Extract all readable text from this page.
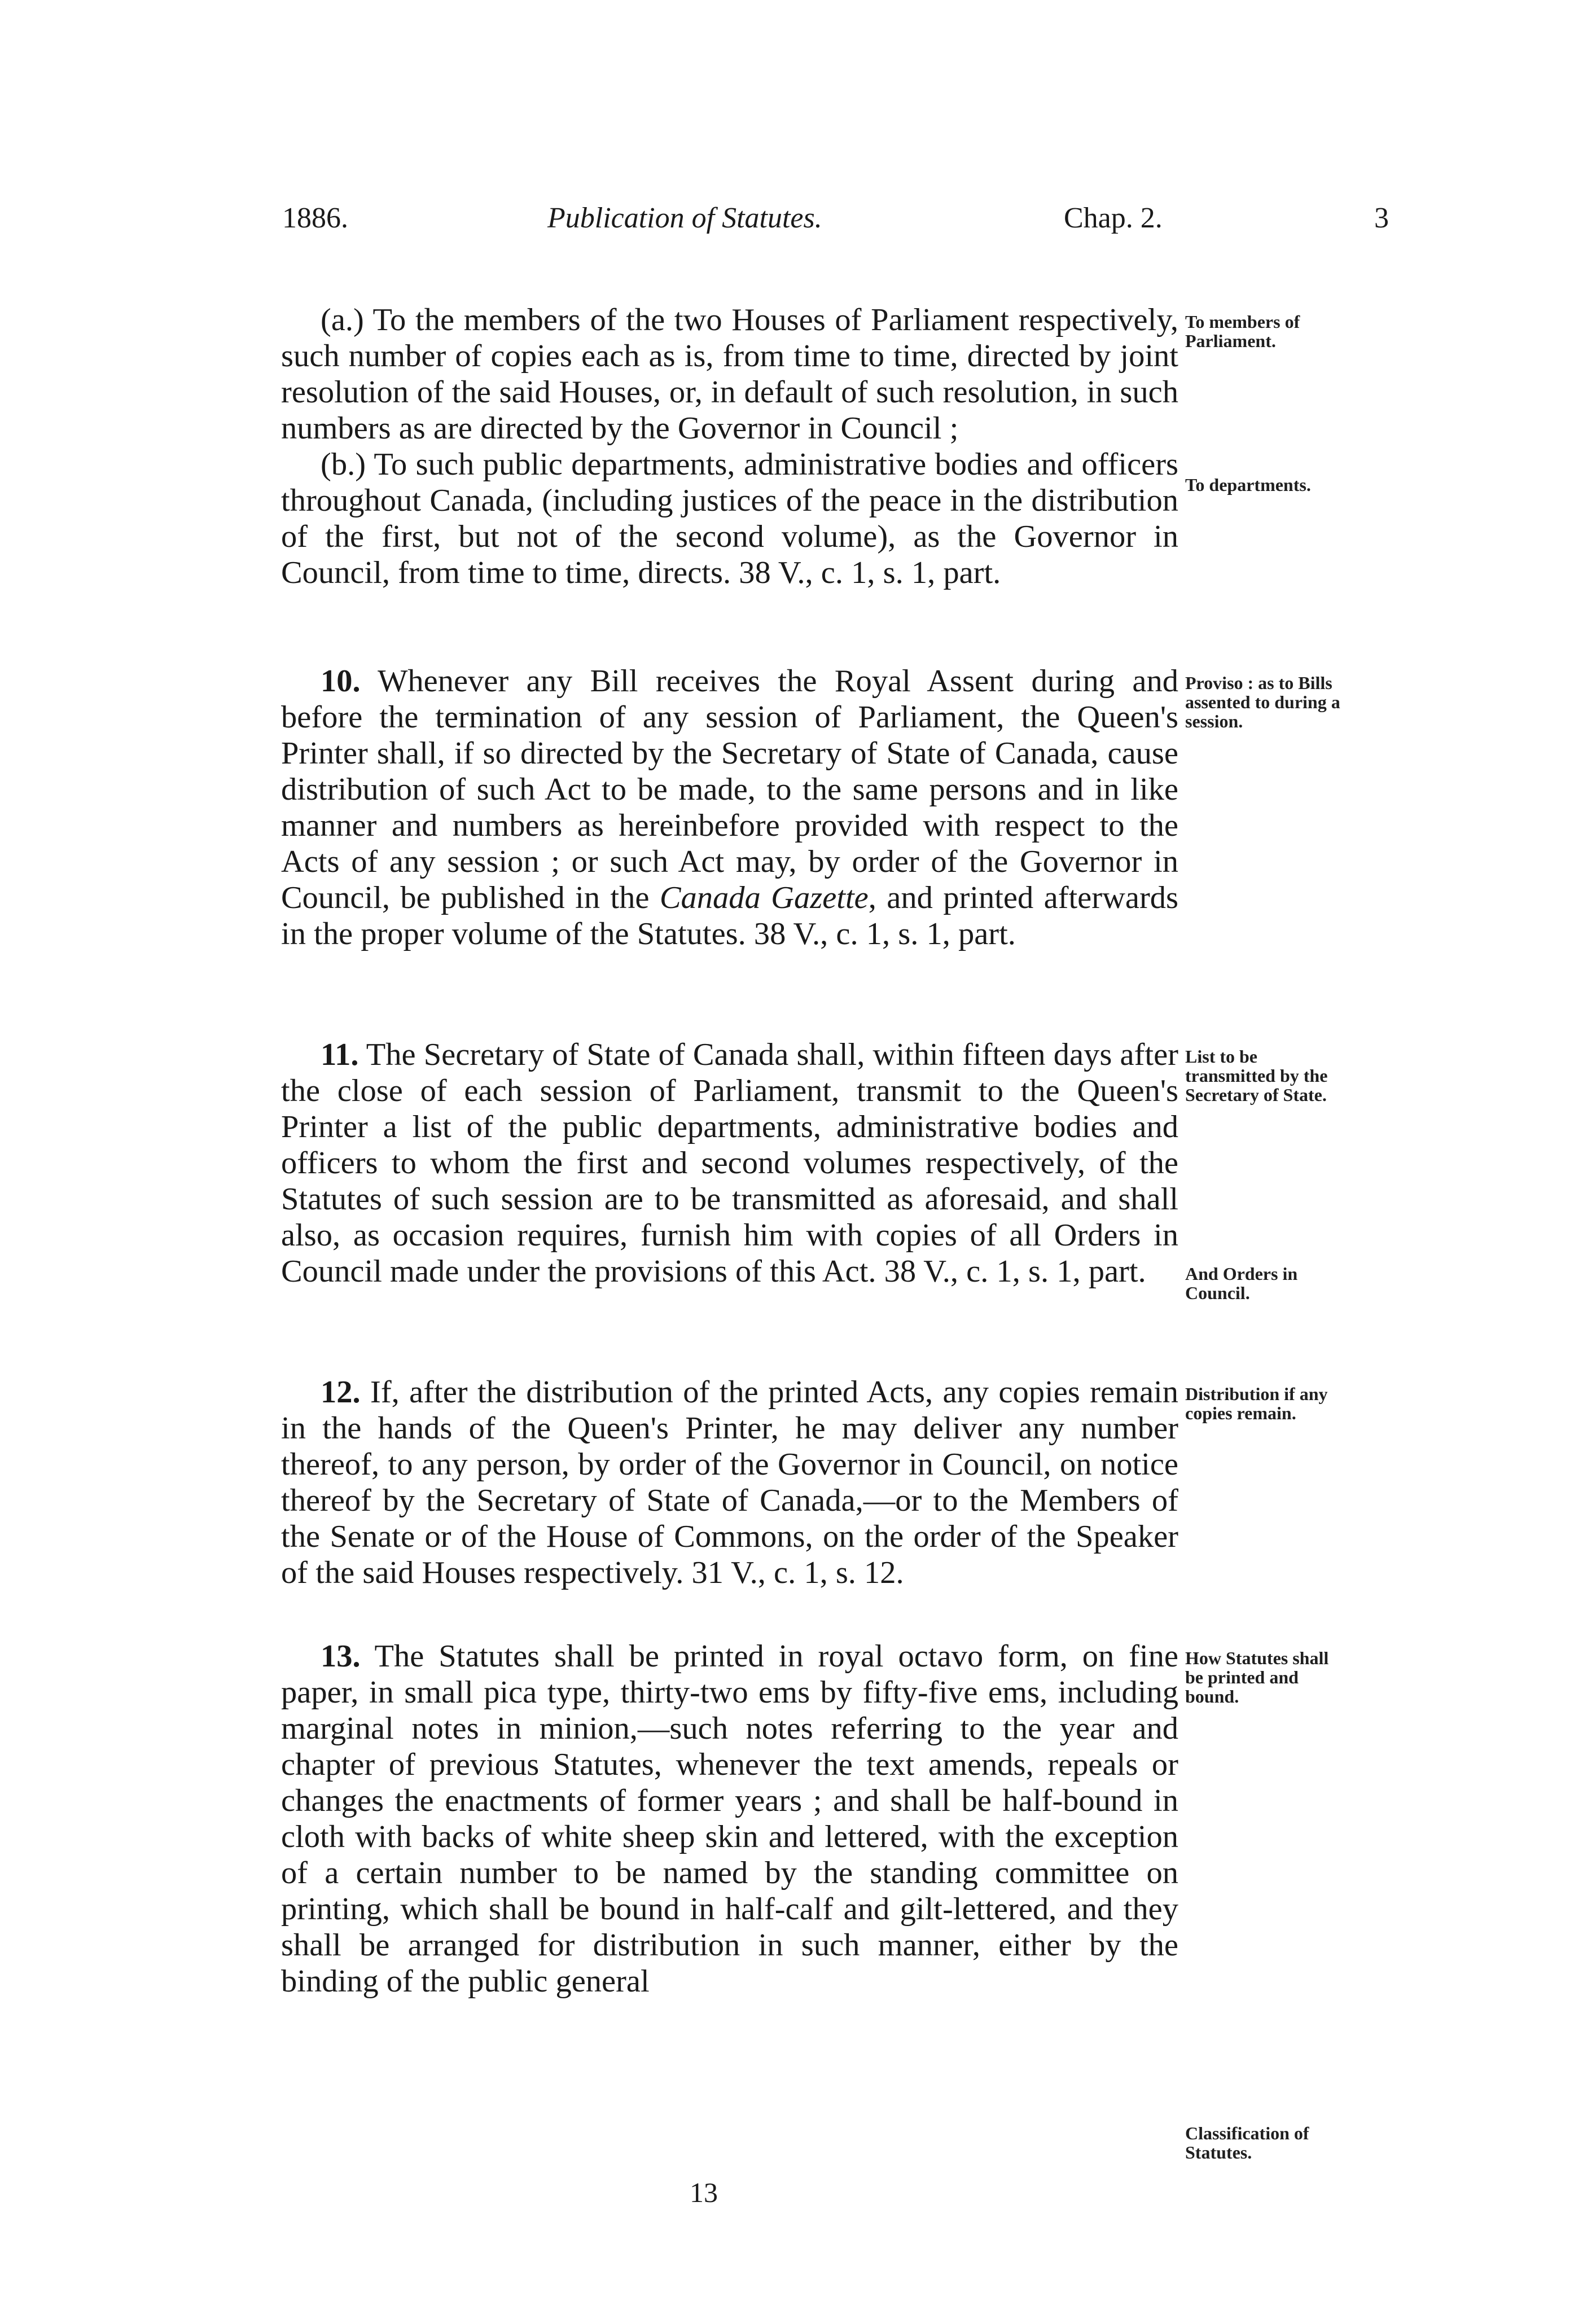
1886.	Publication of Statutes.	Chap. 2.	3

(a.) To the members of the two Houses of Parliament respectively, such number of copies each as is, from time to time, directed by joint resolution of the said Houses, or, in default of such resolution, in such numbers as are directed by the Governor in Council ;

(b.) To such public departments, administrative bodies and officers throughout Canada, (including justices of the peace in the distribution of the first, but not of the second volume), as the Governor in Council, from time to time, directs. 38 V., c. 1, s. 1, part.

To members of Parliament.
To departments.

10. Whenever any Bill receives the Royal Assent during and before the termination of any session of Parliament, the Queen's Printer shall, if so directed by the Secretary of State of Canada, cause distribution of such Act to be made, to the same persons and in like manner and numbers as hereinbefore provided with respect to the Acts of any session ; or such Act may, by order of the Governor in Council, be published in the Canada Gazette, and printed afterwards in the proper volume of the Statutes. 38 V., c. 1, s. 1, part.

Proviso : as to Bills assented to during a session.

11. The Secretary of State of Canada shall, within fifteen days after the close of each session of Parliament, transmit to the Queen's Printer a list of the public departments, administrative bodies and officers to whom the first and second volumes respectively, of the Statutes of such session are to be transmitted as aforesaid, and shall also, as occasion requires, furnish him with copies of all Orders in Council made under the provisions of this Act. 38 V., c. 1, s. 1, part.

List to be transmitted by the Secretary of State.
And Orders in Council.

12. If, after the distribution of the printed Acts, any copies remain in the hands of the Queen's Printer, he may deliver any number thereof, to any person, by order of the Governor in Council, on notice thereof by the Secretary of State of Canada,—or to the Members of the Senate or of the House of Commons, on the order of the Speaker of the said Houses respectively. 31 V., c. 1, s. 12.

Distribution if any copies remain.

13. The Statutes shall be printed in royal octavo form, on fine paper, in small pica type, thirty-two ems by fifty-five ems, including marginal notes in minion,—such notes referring to the year and chapter of previous Statutes, whenever the text amends, repeals or changes the enactments of former years ; and shall be half-bound in cloth with backs of white sheep skin and lettered, with the exception of a certain number to be named by the standing committee on printing, which shall be bound in half-calf and gilt-lettered, and they shall be arranged for distribution in such manner, either by the binding of the public general

How Statutes shall be printed and bound.
Classification of Statutes.
13
